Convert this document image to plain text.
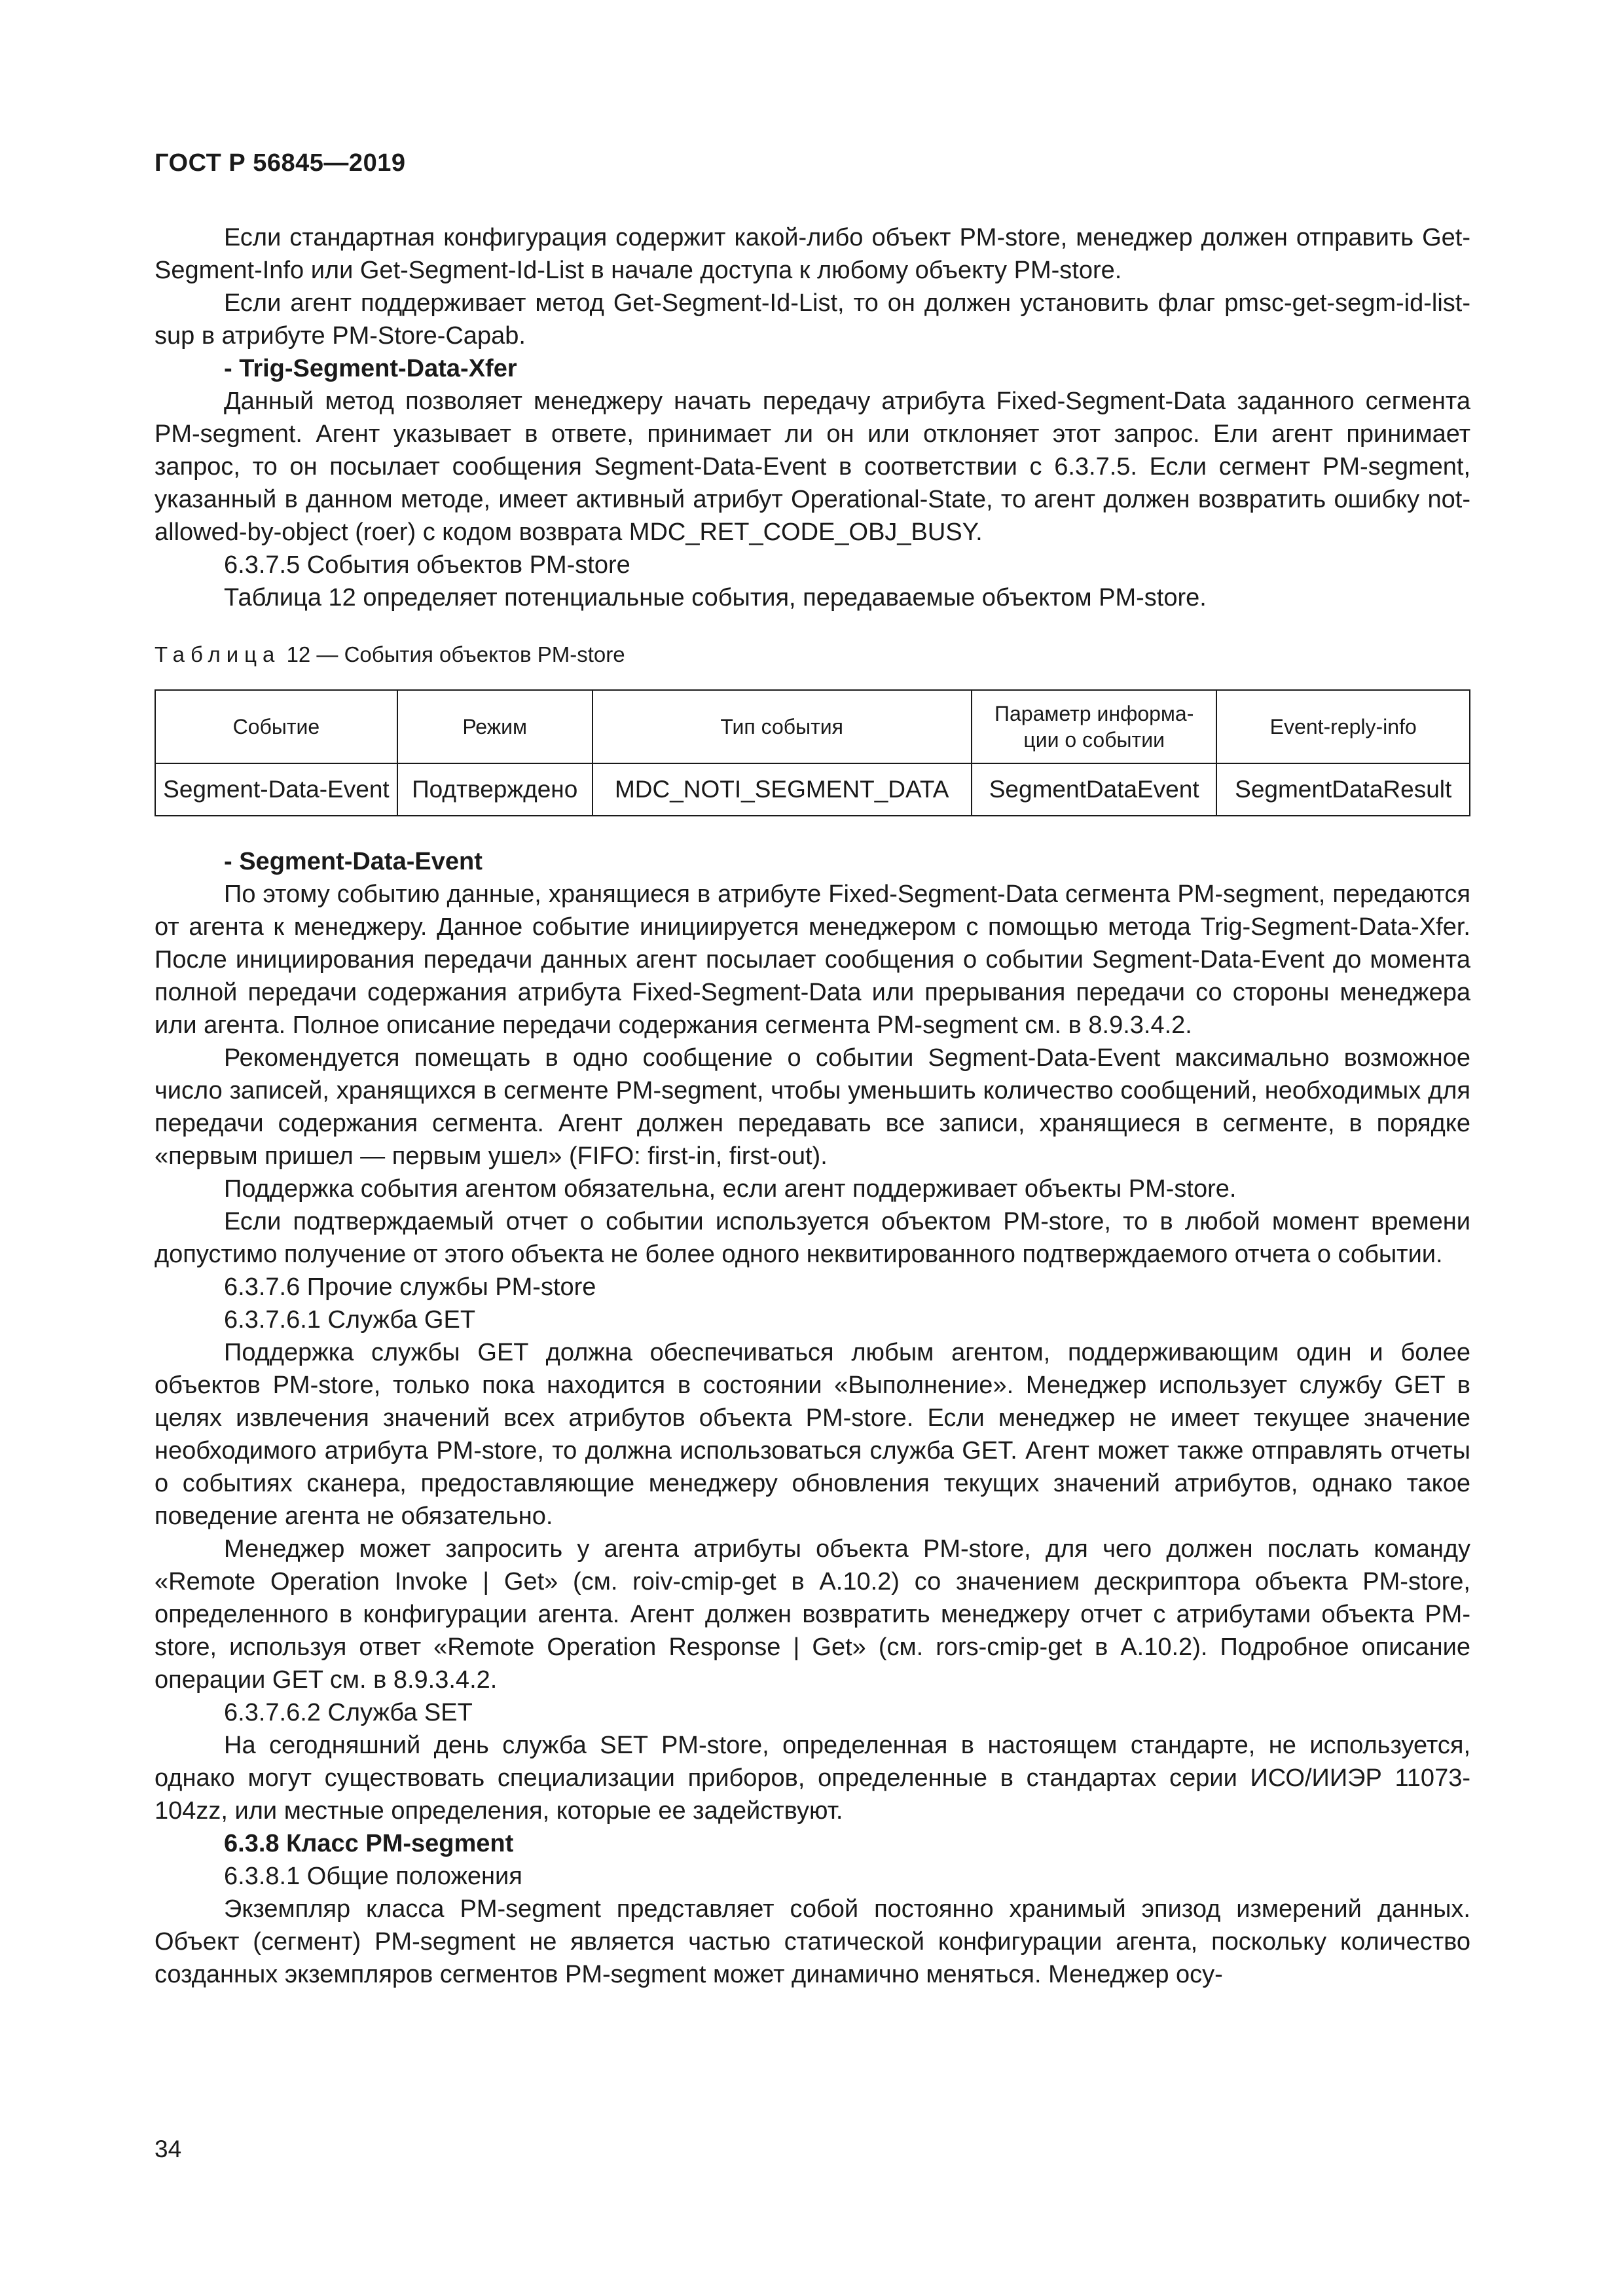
ГОСТ Р 56845—2019

Если стандартная конфигурация содержит какой-либо объект PM-store, менеджер должен отправить Get-Segment-Info или Get-Segment-Id-List в начале доступа к любому объекту PM-store.

Если агент поддерживает метод Get-Segment-Id-List, то он должен установить флаг pmsc-get-segm-id-list-sup в атрибуте PM-Store-Capab.

- Trig-Segment-Data-Xfer

Данный метод позволяет менеджеру начать передачу атрибута Fixed-Segment-Data заданного сегмента PM-segment. Агент указывает в ответе, принимает ли он или отклоняет этот запрос. Ели агент принимает запрос, то он посылает сообщения Segment-Data-Event в соответствии с 6.3.7.5. Если сегмент PM-segment, указанный в данном методе, имеет активный атрибут Operational-State, то агент должен возвратить ошибку not-allowed-by-object (roer) с кодом возврата MDC_RET_CODE_OBJ_BUSY.

6.3.7.5 События объектов PM-store

Таблица 12 определяет потенциальные события, передаваемые объектом PM-store.

Таблица 12 — События объектов PM-store
Событие	Режим	Тип события	Параметр информа-ции о событии	Event-reply-info
Segment-Data-Event	Подтверждено	MDC_NOTI_SEGMENT_DATA	SegmentDataEvent	SegmentDataResult

- Segment-Data-Event

По этому событию данные, хранящиеся в атрибуте Fixed-Segment-Data сегмента PM-segment, передаются от агента к менеджеру. Данное событие инициируется менеджером с помощью метода Trig-Segment-Data-Xfer. После инициирования передачи данных агент посылает сообщения о событии Segment-Data-Event до момента полной передачи содержания атрибута Fixed-Segment-Data или прерывания передачи со стороны менеджера или агента. Полное описание передачи содержания сегмента PM-segment см. в 8.9.3.4.2.

Рекомендуется помещать в одно сообщение о событии Segment-Data-Event максимально возможное число записей, хранящихся в сегменте PM-segment, чтобы уменьшить количество сообщений, необходимых для передачи содержания сегмента. Агент должен передавать все записи, хранящиеся в сегменте, в порядке «первым пришел — первым ушел» (FIFO: first-in, first-out).

Поддержка события агентом обязательна, если агент поддерживает объекты PM-store.

Если подтверждаемый отчет о событии используется объектом PM-store, то в любой момент времени допустимо получение от этого объекта не более одного неквитированного подтверждаемого отчета о событии.

6.3.7.6 Прочие службы PM-store

6.3.7.6.1 Служба GET

Поддержка службы GET должна обеспечиваться любым агентом, поддерживающим один и более объектов PM-store, только пока находится в состоянии «Выполнение». Менеджер использует службу GET в целях извлечения значений всех атрибутов объекта PM-store. Если менеджер не имеет текущее значение необходимого атрибута PM-store, то должна использоваться служба GET. Агент может также отправлять отчеты о событиях сканера, предоставляющие менеджеру обновления текущих значений атрибутов, однако такое поведение агента не обязательно.

Менеджер может запросить у агента атрибуты объекта PM-store, для чего должен послать команду «Remote Operation Invoke | Get» (см. roiv-cmip-get в А.10.2) со значением дескриптора объекта PM-store, определенного в конфигурации агента. Агент должен возвратить менеджеру отчет с атрибутами объекта PM-store, используя ответ «Remote Operation Response | Get» (см. rors-cmip-get в А.10.2). Подробное описание операции GET см. в 8.9.3.4.2.

6.3.7.6.2 Служба SET

На сегодняшний день служба SET PM-store, определенная в настоящем стандарте, не используется, однако могут существовать специализации приборов, определенные в стандартах серии ИСО/ИИЭР 11073-104zz, или местные определения, которые ее задействуют.

6.3.8 Класс PM-segment

6.3.8.1 Общие положения

Экземпляр класса PM-segment представляет собой постоянно хранимый эпизод измерений данных. Объект (сегмент) PM-segment не является частью статической конфигурации агента, поскольку количество созданных экземпляров сегментов PM-segment может динамично меняться. Менеджер осу-

34
